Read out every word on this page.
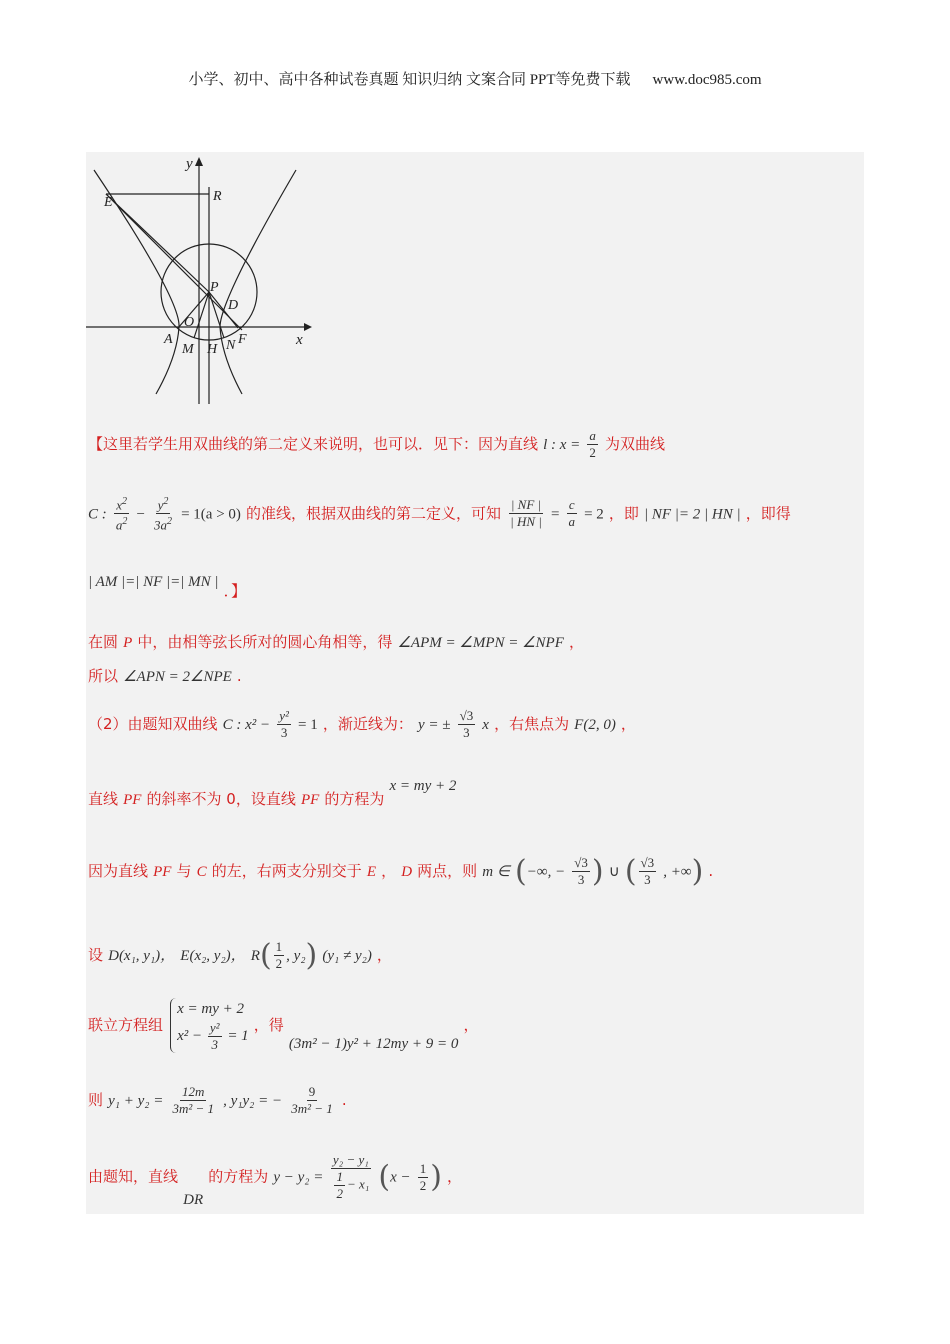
小学、初中、高中各种试卷真题 知识归纳 文案合同 PPT等免费下载 www.doc985.com
y
x
E	R
P
D
O
A
M H N F
【这里若学生用双曲线的第二定义来说明，也可以．见下：因为直线 l : $x = \frac{a}{2}$ 为双曲线
C : $\frac{x^2}{a^2} - \frac{y^2}{3a^2} = 1(a > 0)$ 的准线，根据双曲线的第二定义，可知 $\frac{| NF |}{| HN |} = \frac{c}{a} = 2$ ，即 | NF |= 2 | HN | ，即得
| AM |=| NF |=| MN | ．】
在圆 P 中，由相等弦长所对的圆心角相等，得 ∠APM = ∠MPN = ∠NPF ，
所以 ∠APN = 2∠NPE .
（2）由题知双曲线 C : $x^2 - \frac{\text{y²}}{3} = 1$ ，渐近线为： y = ± $\frac{√3}{3}$ x ，右焦点为 F(2, 0) ，
直线 PF 的斜率不为 0，设直线 PF 的方程为 x = my + 2
因为直线 PF 与 C 的左，右两支分别交于 E ， D 两点，则 m ∈ (−∞, − $\frac{√3}{3}$ ) ∪ ( $\frac{√3}{3}$ , +∞) .
设 D(x₁, y₁)， E(x₂, y₂)， $R( \frac{1}{2}$ , y₂) (y₁ ≠ y₂) ，
联立方程组
x = my + 2
$x^2 - \frac{\text{y²}}{3} = 1$
，得 (3m² − 1)y² + 12my + 9 = 0 ，
则 $y_1 + y_2 = \frac{12m}{\text{3m² − 1}}$ , y₁y₂ = − $\frac{9}{\text{3m² − 1}}$ .
由题知，直线 DR 的方程为 $y - y_2 = \frac{\text{y₂ − y₁}}{\frac{1}{2} - x_1} (x - \frac{1}{2}$ ) ，
